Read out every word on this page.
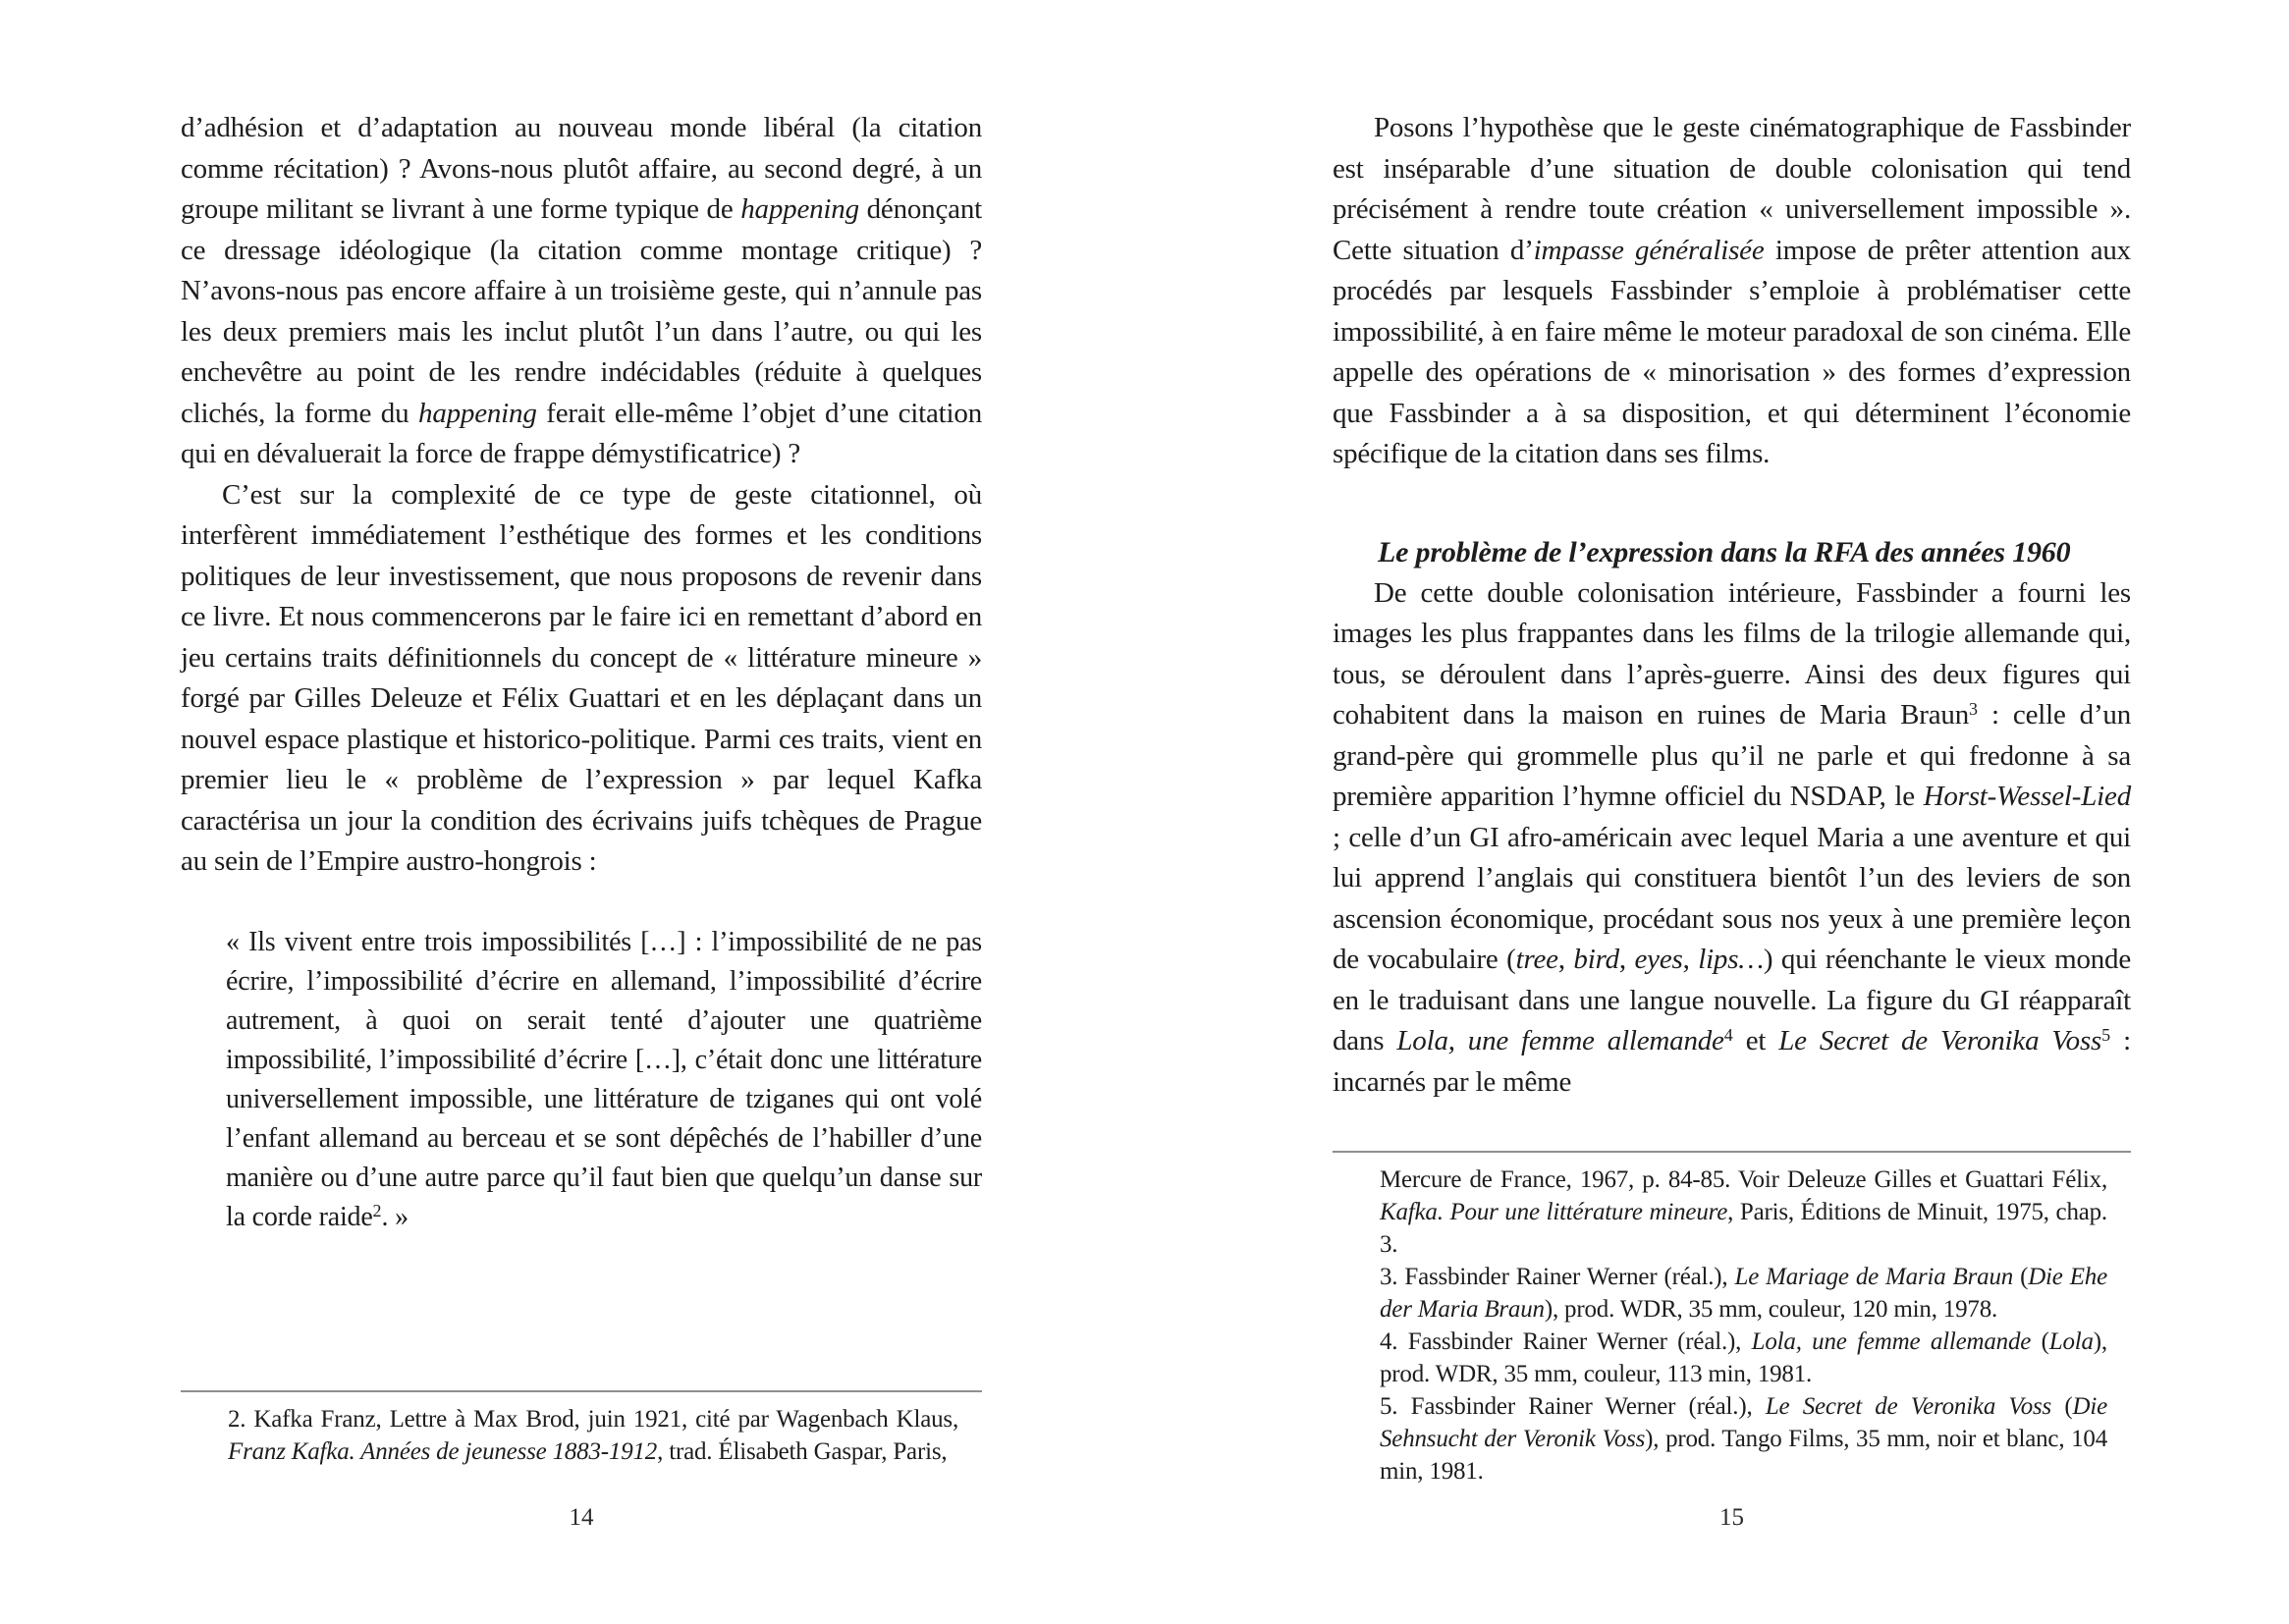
d’adhésion et d’adaptation au nouveau monde libéral (la citation comme récitation) ? Avons-nous plutôt affaire, au second degré, à un groupe militant se livrant à une forme typique de happening dénonçant ce dressage idéologique (la citation comme montage critique) ? N’avons-nous pas encore affaire à un troisième geste, qui n’annule pas les deux premiers mais les inclut plutôt l’un dans l’autre, ou qui les enchevêtre au point de les rendre indécidables (réduite à quelques clichés, la forme du happening ferait elle-même l’objet d’une citation qui en dévaluerait la force de frappe démystificatrice) ?

C’est sur la complexité de ce type de geste citationnel, où interfèrent immédiatement l’esthétique des formes et les conditions politiques de leur investissement, que nous proposons de revenir dans ce livre. Et nous commencerons par le faire ici en remettant d’abord en jeu certains traits définitionnels du concept de « littérature mineure » forgé par Gilles Deleuze et Félix Guattari et en les déplaçant dans un nouvel espace plastique et historico-politique. Parmi ces traits, vient en premier lieu le « problème de l’expression » par lequel Kafka caractérisa un jour la condition des écrivains juifs tchèques de Prague au sein de l’Empire austro-hongrois :

« Ils vivent entre trois impossibilités […] : l’impossibilité de ne pas écrire, l’impossibilité d’écrire en allemand, l’impossibilité d’écrire autrement, à quoi on serait tenté d’ajouter une quatrième impossibilité, l’impossibilité d’écrire […], c’était donc une littérature universellement impossible, une littérature de tziganes qui ont volé l’enfant allemand au berceau et se sont dépêchés de l’habiller d’une manière ou d’une autre parce qu’il faut bien que quelqu’un danse sur la corde raide$^2$. »

2. Kafka Franz, Lettre à Max Brod, juin 1921, cité par Wagenbach Klaus, Franz Kafka. Années de jeunesse 1883-1912, trad. Élisabeth Gaspar, Paris,

14

Posons l’hypothèse que le geste cinématographique de Fassbinder est inséparable d’une situation de double colonisation qui tend précisément à rendre toute création « universellement impossible ». Cette situation d’impasse généralisée impose de prêter attention aux procédés par lesquels Fassbinder s’emploie à problématiser cette impossibilité, à en faire même le moteur paradoxal de son cinéma. Elle appelle des opérations de « minorisation » des formes d’expression que Fassbinder a à sa disposition, et qui déterminent l’économie spécifique de la citation dans ses films.

Le problème de l’expression dans la RFA des années 1960

De cette double colonisation intérieure, Fassbinder a fourni les images les plus frappantes dans les films de la trilogie allemande qui, tous, se déroulent dans l’après-guerre. Ainsi des deux figures qui cohabitent dans la maison en ruines de Maria Braun$^3$ : celle d’un grand-père qui grommelle plus qu’il ne parle et qui fredonne à sa première apparition l’hymne officiel du NSDAP, le Horst-Wessel-Lied ; celle d’un GI afro-américain avec lequel Maria a une aventure et qui lui apprend l’anglais qui constituera bientôt l’un des leviers de son ascension économique, procédant sous nos yeux à une première leçon de vocabulaire (tree, bird, eyes, lips…) qui réenchante le vieux monde en le traduisant dans une langue nouvelle. La figure du GI réapparaît dans Lola, une femme allemande$^4$ et Le Secret de Veronika Voss$^5$ : incarnés par le même

Mercure de France, 1967, p. 84-85. Voir Deleuze Gilles et Guattari Félix, Kafka. Pour une littérature mineure, Paris, Éditions de Minuit, 1975, chap. 3.

3. Fassbinder Rainer Werner (réal.), Le Mariage de Maria Braun (Die Ehe der Maria Braun), prod. WDR, 35 mm, couleur, 120 min, 1978.

4. Fassbinder Rainer Werner (réal.), Lola, une femme allemande (Lola), prod. WDR, 35 mm, couleur, 113 min, 1981.

5. Fassbinder Rainer Werner (réal.), Le Secret de Veronika Voss (Die Sehnsucht der Veronik Voss), prod. Tango Films, 35 mm, noir et blanc, 104 min, 1981.

15
